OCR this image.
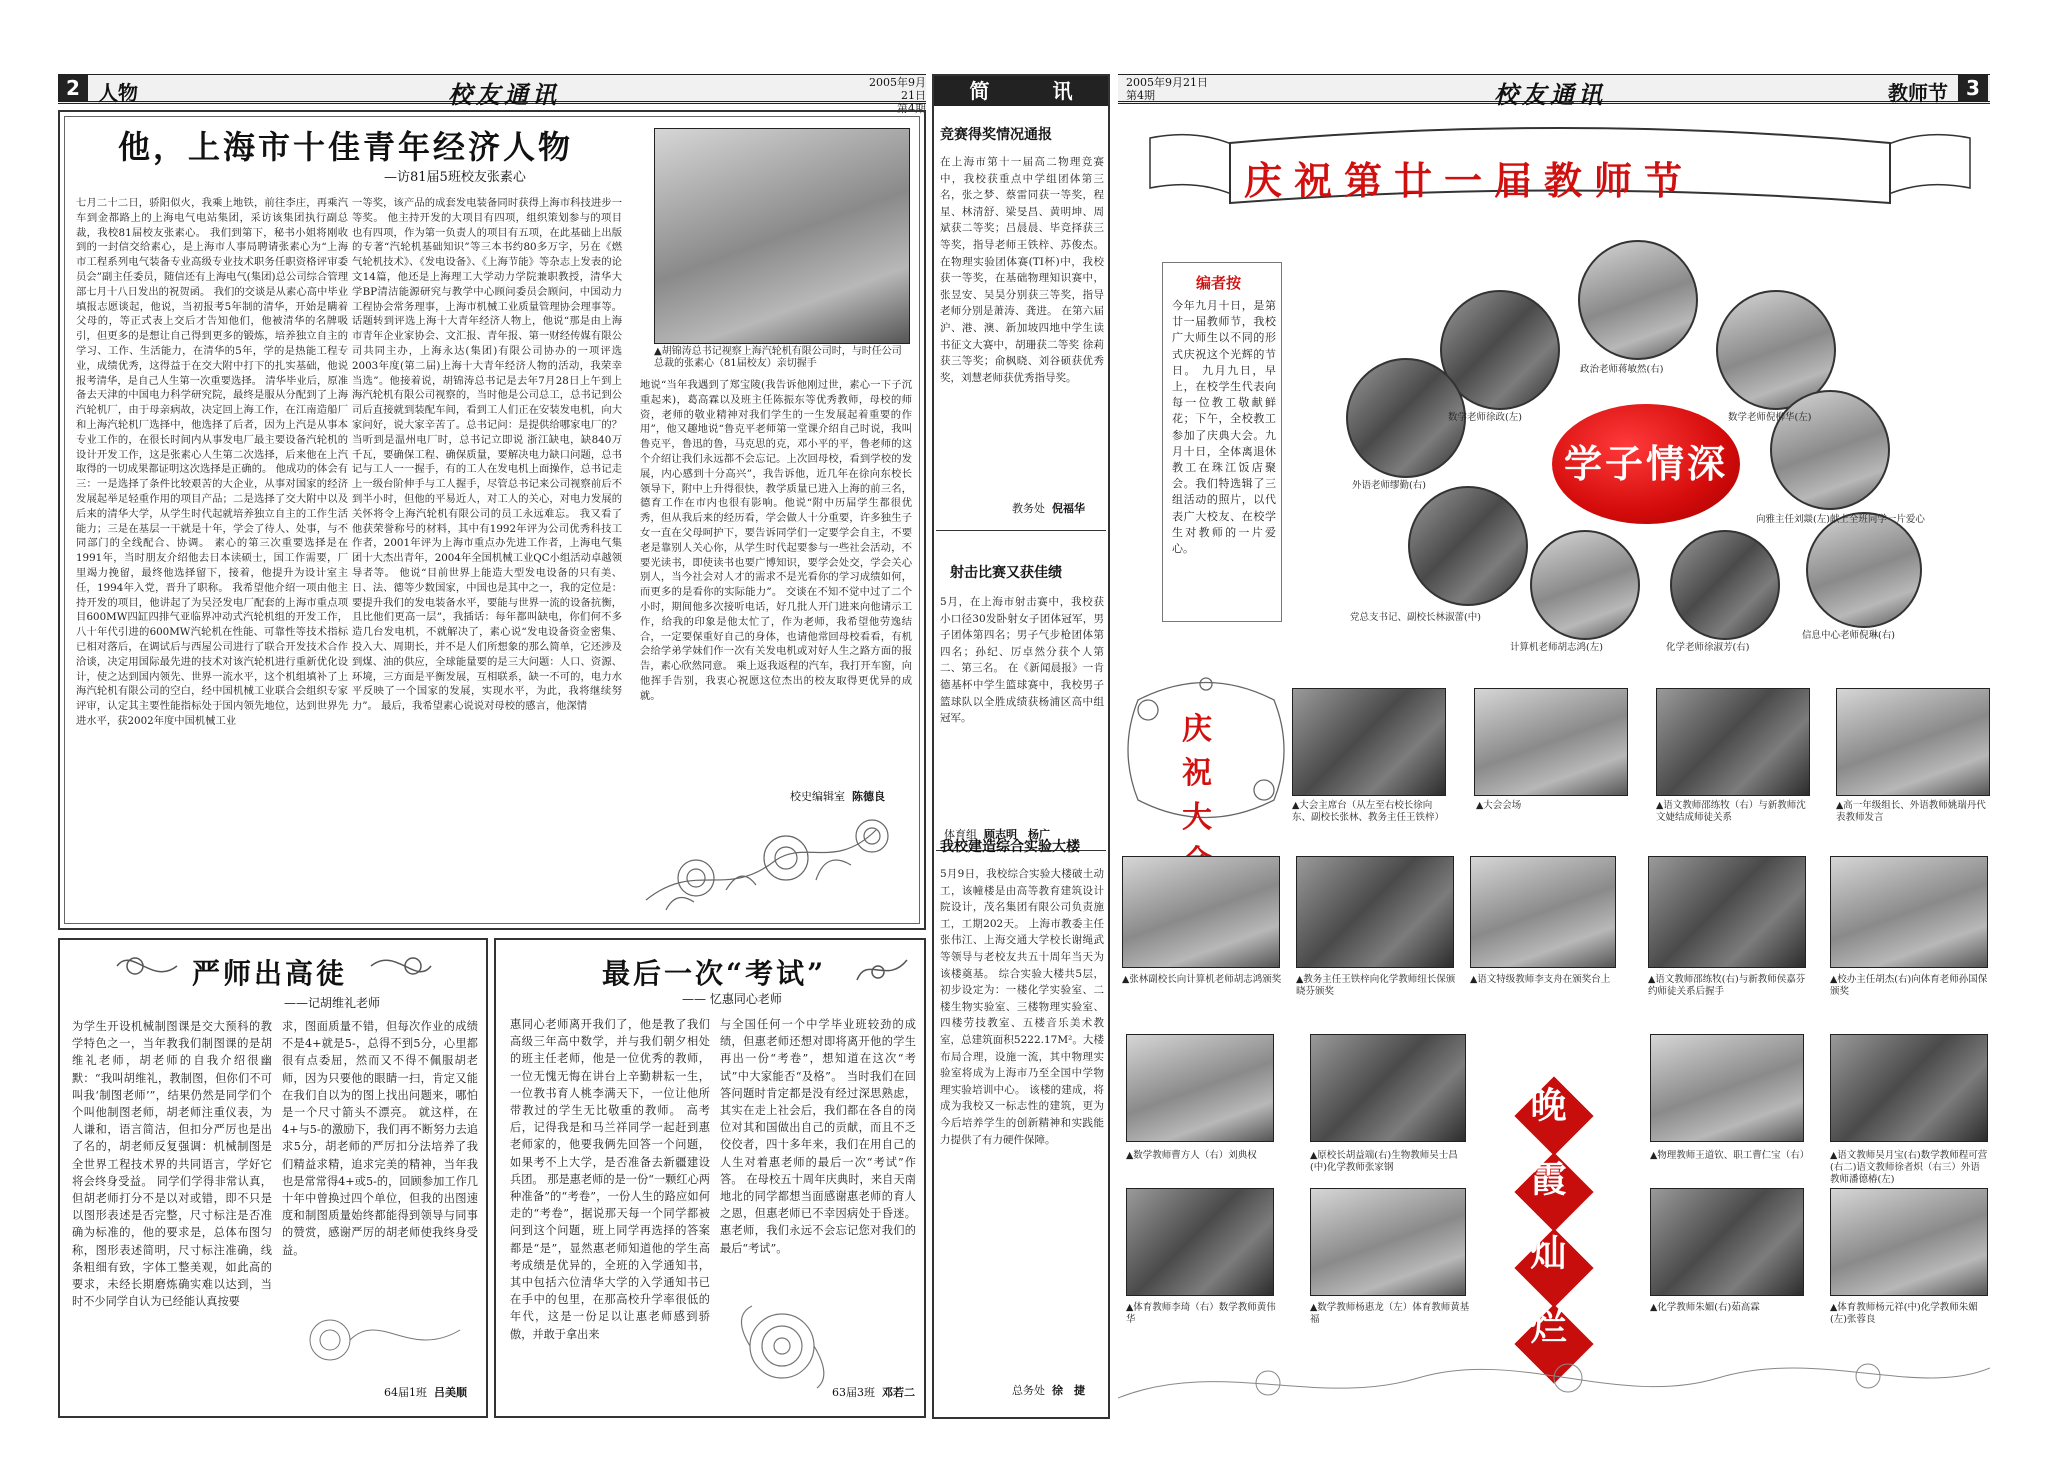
2 人物	校友通讯	2005年9月21日
第4期
他，上海市十佳青年经济人物
—访81届5班校友张素心
七月二十二日，骄阳似火，我乘上地铁，前往李庄，再乘汽车到金都路上的上海电气电站集团，采访该集团执行副总裁，我校81届校友张素心。 我们到第下，秘书小姐将刚收到的一封信交给素心，是上海市人事局聘请张素心为“上海市工程系列电气装备专业高级专业技术职务任职资格评审委员会”副主任委员，随信还有上海电气(集团)总公司综合管理部七月十八日发出的祝贺函。 我们的交谈是从素心高中毕业填报志愿谈起，他说，当初报考5年制的清华，开始是瞒着父母的，等正式表上交后才告知他们，他被清华的名牌吸引，但更多的是想让自己得到更多的锻炼，培养独立自主的学习、工作、生活能力，在清华的5年，学的是热能工程专业，成绩优秀，这得益于在交大附中打下的扎实基础，他说报考清华，是自己人生第一次重要选择。 清华毕业后，原准备去天津的中国电力科学研究院，最终是服从分配到了上海汽轮机厂，由于母亲病故，决定回上海工作，在江南造船厂和上海汽轮机厂选择中，他选择了后者，因为上汽是从事本专业工作的，在很长时间内从事发电厂最主要设备汽轮机的设计开发工作，这是张素心人生第二次选择，后来他在上汽取得的一切成果都证明这次选择是正确的。 他成功的体会有三：一是选择了条件比较艰苦的大企业，从事对国家的经济发展起举足轻重作用的项目产品；二是选择了交大附中以及后来的清华大学，从学生时代起就培养独立自主的工作生活能力；三是在基层一干就是十年，学会了待人、处事，与不同部门的全线配合、协调。 素心的第三次重要选择是在1991年，当时朋友介绍他去日本读硕士，国工作需要，厂里竭力挽留，最终他选择留下，接着，他提升为设计室主任，1994年入党，晋升了职称。 我希望他介绍一项由他主持开发的项目，他讲起了为吴泾发电厂配套的上海市重点项目600MW四缸四排气亚临界冲动式汽轮机组的开发工作，八十年代引进的600MW汽轮机在性能、可靠性等技术指标已相对落后，在调试后与西屋公司进行了联合开发技术合作洽谈，决定用国际最先进的技术对该汽轮机进行重新优化设计，使之达到国内领先、世界一流水平，这个机组填补了上海汽轮机有限公司的空白，经中国机械工业联合会组织专家评审，认定其主要性能指标处于国内领先地位，达到世界先进水平，获2002年度中国机械工业
一等奖，该产品的成套发电装备同时获得上海市科技进步一等奖。 他主持开发的大项目有四项，组织策划参与的项目也有四项，作为第一负责人的项目有五项，在此基础上出版的专著“汽轮机基础知识”等三本书约80多万字，另在《燃气轮机技术》、《发电设备》、《上海节能》等杂志上发表的论文14篇，他还是上海理工大学动力学院兼职教授，清华大学BP清洁能源研究与教学中心顾问委员会顾问，中国动力工程协会常务理事，上海市机械工业质量管理协会理事等。 话题转到评选上海十大青年经济人物上，他说“那是由上海市青年企业家协会、文汇报、青年报、第一财经传媒有限公司共同主办，上海永达(集团)有限公司协办的一项评选2003年度(第二届)上海十大青年经济人物的活动，我荣幸当选”。他接着说，胡锦涛总书记是去年7月28日上午到上海汽轮机有限公司视察的，当时他是公司总工，总书记到公司后直接就到装配车间，看到工人们正在安装发电机，向大家问好，说大家辛苦了。总书记问：是提供给哪家电厂的？当听到是温州电厂时，总书记立即说 浙江缺电，缺840万千瓦，要确保工程、确保质量，要解决电力缺口问题，总书记与工人一一握手，有的工人在发电机上面操作，总书记走上一级台阶伸手与工人握手，尽管总书记来公司视察前后不到半小时，但他的平易近人，对工人的关心，对电力发展的关怀将令上海汽轮机有限公司的员工永远难忘。 我又看了他获荣誉称号的材料，其中有1992年评为公司优秀科技工作者，2001年评为上海市重点办先进工作者，上海电气集团十大杰出青年，2004年全国机械工业QC小组活动卓越领导者等。 他说“目前世界上能造大型发电设备的只有美、日、法、德等少数国家，中国也是其中之一，我的定位是：要提升我们的发电装备水平，要能与世界一流的设备抗衡，且比他们更高一层”，我插话：每年都叫缺电，你们何不多造几台发电机，不就解决了，素心说“发电设备资金密集、投入大、周期长，并不是人们所想象的那么简单，它还涉及到煤、油的供应，全球能量要的是三大问题：人口、资源、环境，三方面是平衡发展，互相联系，缺一不可的，电力水平反映了一个国家的发展，实现水平，为此，我将继续努力”。 最后，我希望素心说说对母校的感言，他深情
▲胡锦涛总书记视察上海汽轮机有限公司时，与时任公司总裁的张素心（81届校友）亲切握手
地说“当年我遇到了郑宝陵(我告诉他刚过世，素心一下子沉重起来)，葛高霖以及班主任陈振东等优秀教师，母校的师资，老师的敬业精神对我们学生的一生发展起着重要的作用”，他又趣地说“鲁克平老师第一堂课介绍自己时说，我叫鲁克平，鲁迅的鲁，马克思的克，邓小平的平，鲁老师的这个介绍让我们永远都不会忘记。上次回母校，看到学校的发展，内心感到十分高兴”，我告诉他，近几年在徐向东校长领导下，附中上升得很快，教学质量已进入上海的前三名，德育工作在市内也很有影响。他说“附中历届学生都很优秀，但从我后来的经历看，学会做人十分重要，许多独生子女一直在父母呵护下，要告诉同学们一定要学会自主，不要老是靠别人关心你，从学生时代起要参与一些社会活动，不要光读书，即使读书也要广博知识，要学会处交，学会关心别人，当今社会对人才的需求不是光看你的学习成绩如何，而更多的是看你的实际能力”。 交谈在不知不觉中过了二个小时，期间他多次接听电话，好几批人开门进来向他请示工作，给我的印象是他太忙了，作为老师，我希望他劳逸结合，一定要保重好自己的身体，也请他常回母校看看，有机会给学弟学妹们作一次有关发电机或对好人生之路方面的报告，素心欣然同意。 乘上返我返程的汽车，我打开车窗，向他挥手告别，我衷心祝愿这位杰出的校友取得更优异的成就。
校史编辑室 陈德良
严师出高徒
——记胡维礼老师
为学生开设机械制图课是交大预科的教学特色之一，当年教我们制图课的是胡维礼老师，胡老师的自我介绍很幽默：“我叫胡维礼，教制图，但你们不可叫我‘制图老师’”，结果仍然是同学们个个叫他制图老师，胡老师注重仪表，为人谦和，语言简洁，但扣分严厉也是出了名的，胡老师反复强调：机械制图是全世界工程技术界的共同语言，学好它将会终身受益。 同学们学得非常认真，但胡老师打分不是以对或错，即不只是以图形表述是否完整，尺寸标注是否准确为标准的，他的要求是，总体布图匀称，图形表述简明，尺寸标注准确，线条粗细有致，字体工整美观，如此高的要求，未经长期磨炼确实难以达到，当时不少同学自认为已经能认真按要
求，图面质量不错，但每次作业的成绩不是4+就是5-，总得不到5分，心里都很有点委屈，然而又不得不佩服胡老师，因为只要他的眼睛一扫，肯定又能在我们自以为的图上找出问题来，哪怕是一个尺寸箭头不漂亮。 就这样，在4+与5-的激励下，我们再不断努力去追求5分，胡老师的严厉扣分法培养了我们精益求精，追求完美的精神，当年我也是常常得4+或5-的，回顾参加工作几十年中曾换过四个单位，但我的出图速度和制图质量始终都能得到领导与同事的赞赏，感谢严厉的胡老师使我终身受益。
64届1班 吕美顺
最后一次“考试”
—— 忆惠同心老师
惠同心老师离开我们了，他是教了我们高级三年高中数学，并与我们朝夕相处的班主任老师，他是一位优秀的教师，一位无愧无悔在讲台上辛勤耕耘一生，一位教书育人桃李满天下，一位让他所带教过的学生无比敬重的教师。 高考后，记得我是和马兰祥同学一起赶到惠老师家的，他要我俩先回答一个问题，如果考不上大学，是否准备去新疆建设兵团。 那是惠老师的是一份“一颗红心两种准备”的“考卷”，一份人生的路应如何走的“考卷”，据说那天每一个同学都被问到这个问题，班上同学再选择的答案都是“是”，显然惠老师知道他的学生高考成绩是优异的，全班的入学通知书，其中包括六位清华大学的入学通知书已在手中的包里，在那高校升学率很低的年代，这是一份足以让惠老师感到骄傲，并敢于拿出来
与全国任何一个中学毕业班较劲的成绩，但惠老师还想对即将离开他的学生再出一份“考卷”，想知道在这次“考试”中大家能否“及格”。 当时我们在回答问题时肯定都是没有经过深思熟虑，其实在走上社会后，我们都在各自的岗位对其和国做出自己的贡献，而且不乏佼佼者，四十多年来，我们在用自己的人生对着惠老师的最后一次“考试”作答。 在母校五十周年庆典时，来自天南地北的同学都想当面感谢惠老师的育人之恩，但惠老师已不幸因病处于昏迷。 惠老师，我们永远不会忘记您对我们的最后“考试”。
63届3班 邓若二
简 讯
竞赛得奖情况通报
在上海市第十一届高二物理竞赛中，我校获重点中学组团体第三名，张之梦、蔡雷同获一等奖，程星、林清舒、梁旻昌、黄明坤、周斌获二等奖；吕晨晨、毕竞择获三等奖，指导老师王铁梓、苏俊杰。 在物理实验团体赛(TI杯)中，我校获一等奖，在基础物理知识赛中，张昱安、吴昊分别获三等奖，指导老师分别是萧涛、龚进。 在第六届沪、港、澳、新加坡四地中学生读书征文大赛中，胡珊获二等奖 徐莉获三等奖；俞枫晓、刘谷硕获优秀奖，刘慧老师获优秀指导奖。
教务处 倪福华
射击比赛又获佳绩
5月，在上海市射击赛中，我校获小口径30发卧射女子团体冠军，男子团体第四名；男子气步枪团体第四名；孙纪、厉卓然分获个人第二、第三名。 在《新闻晨报》一肯德基杯中学生篮球赛中，我校男子篮球队以全胜成绩获杨浦区高中组冠军。
体育组 顾志明　杨广
我校建造综合实验大楼
5月9日，我校综合实验大楼破土动工，该幢楼是由高等教育建筑设计院设计，茂名集团有限公司负责施工，工期202天。 上海市教委主任张伟江、上海交通大学校长谢绳武等领导与老校友共五十周年当天为该楼奠基。 综合实验大楼共5层，初步设定为：一楼化学实验室、二楼生物实验室、三楼物理实验室、四楼劳技教室、五楼音乐美术教室，总建筑面积5222.17M²。大楼布局合理，设施一流，其中物理实验室将成为上海市乃至全国中学物理实验培训中心。 该楼的建成，将成为我校又一标志性的建筑，更为今后培养学生的创新精神和实践能力提供了有力硬件保障。
总务处 徐　捷
2005年9月21日
第4期	校友通讯	教师节 3
庆祝第廿一届教师节
编者按
今年九月十日，是第廿一届教师节，我校广大师生以不同的形式庆祝这个光辉的节日。 九月九日，早上，在校学生代表向每一位教工敬献鲜花；下午，全校教工参加了庆典大会。九月十日，全体离退休教工在珠江饭店聚会。我们特选辑了三组活动的照片，以代表广大校友、在校学生对教师的一片爱心。
学子情深
政治老师蒋敏然(右)
数学老师徐政(左)	数学老师倪柳华(左)
外语老师缪勤(右)
向雅主任刘燚(左)献上全班同学一片爱心
党总支书记、副校长林淑蕾(中)
计算机老师胡志鸿(左)	化学老师徐淑芳(右)
信息中心老师倪琳(右)
庆祝大	▲大会主席台（从左至右校长徐向东、副校长张林、教务主任王铁梓）
▲大会会场	▲语文教师邵练牧（右）与新教师沈文婕结成师徒关系
▲高一年级组长、外语教师姚瑞丹代表教师发言
▲张林副校长向计算机老师胡志鸿颁奖 ▲教务主任王铁梓向化学教师纽长保颁晓芬颁奖
▲语文特级教师李支舟在颁奖台上	▲语文教师邵练牧(右)与新教师侯嘉芬约师徒关系后握手
▲校办主任胡杰(右)向体育老师孙国保颁奖
▲数学教师曹方人（右）刘典权	▲原校长胡益端(右)生物教师吴士昌(中)化学教师张家钢
▲物理教师王道钦、职工曹仁宝（右） ▲语文教师吴月宝(右)数学教师程可营(右二)语文教师徐者炽（右三）外语教师潘德椿(左)
晚霞灿烂
▲体育教师李琦（右）数学教师黄伟华
▲数学教师杨惠龙（左）体育教师黄基福
▲化学教师朱媚(右)茹高霖	▲体育教师杨元祥(中)化学教师朱媚(左)张蓉良
